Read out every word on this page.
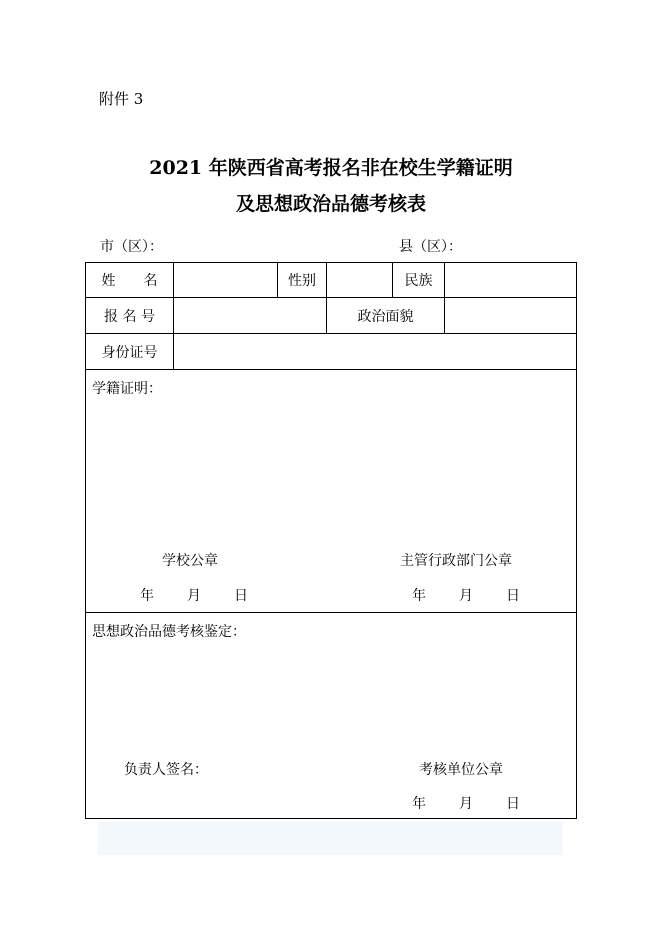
附件 3
2021 年陕西省高考报名非在校生学籍证明
及思想政治品德考核表
市（区）：	县（区）：
姓　　名	性别	民族
报 名 号	政治面貌
身份证号
学籍证明：
学校公章	主管行政部门公章
年 月 日	年 月 日
思想政治品德考核鉴定：
负责人签名：	考核单位公章
年 月 日
